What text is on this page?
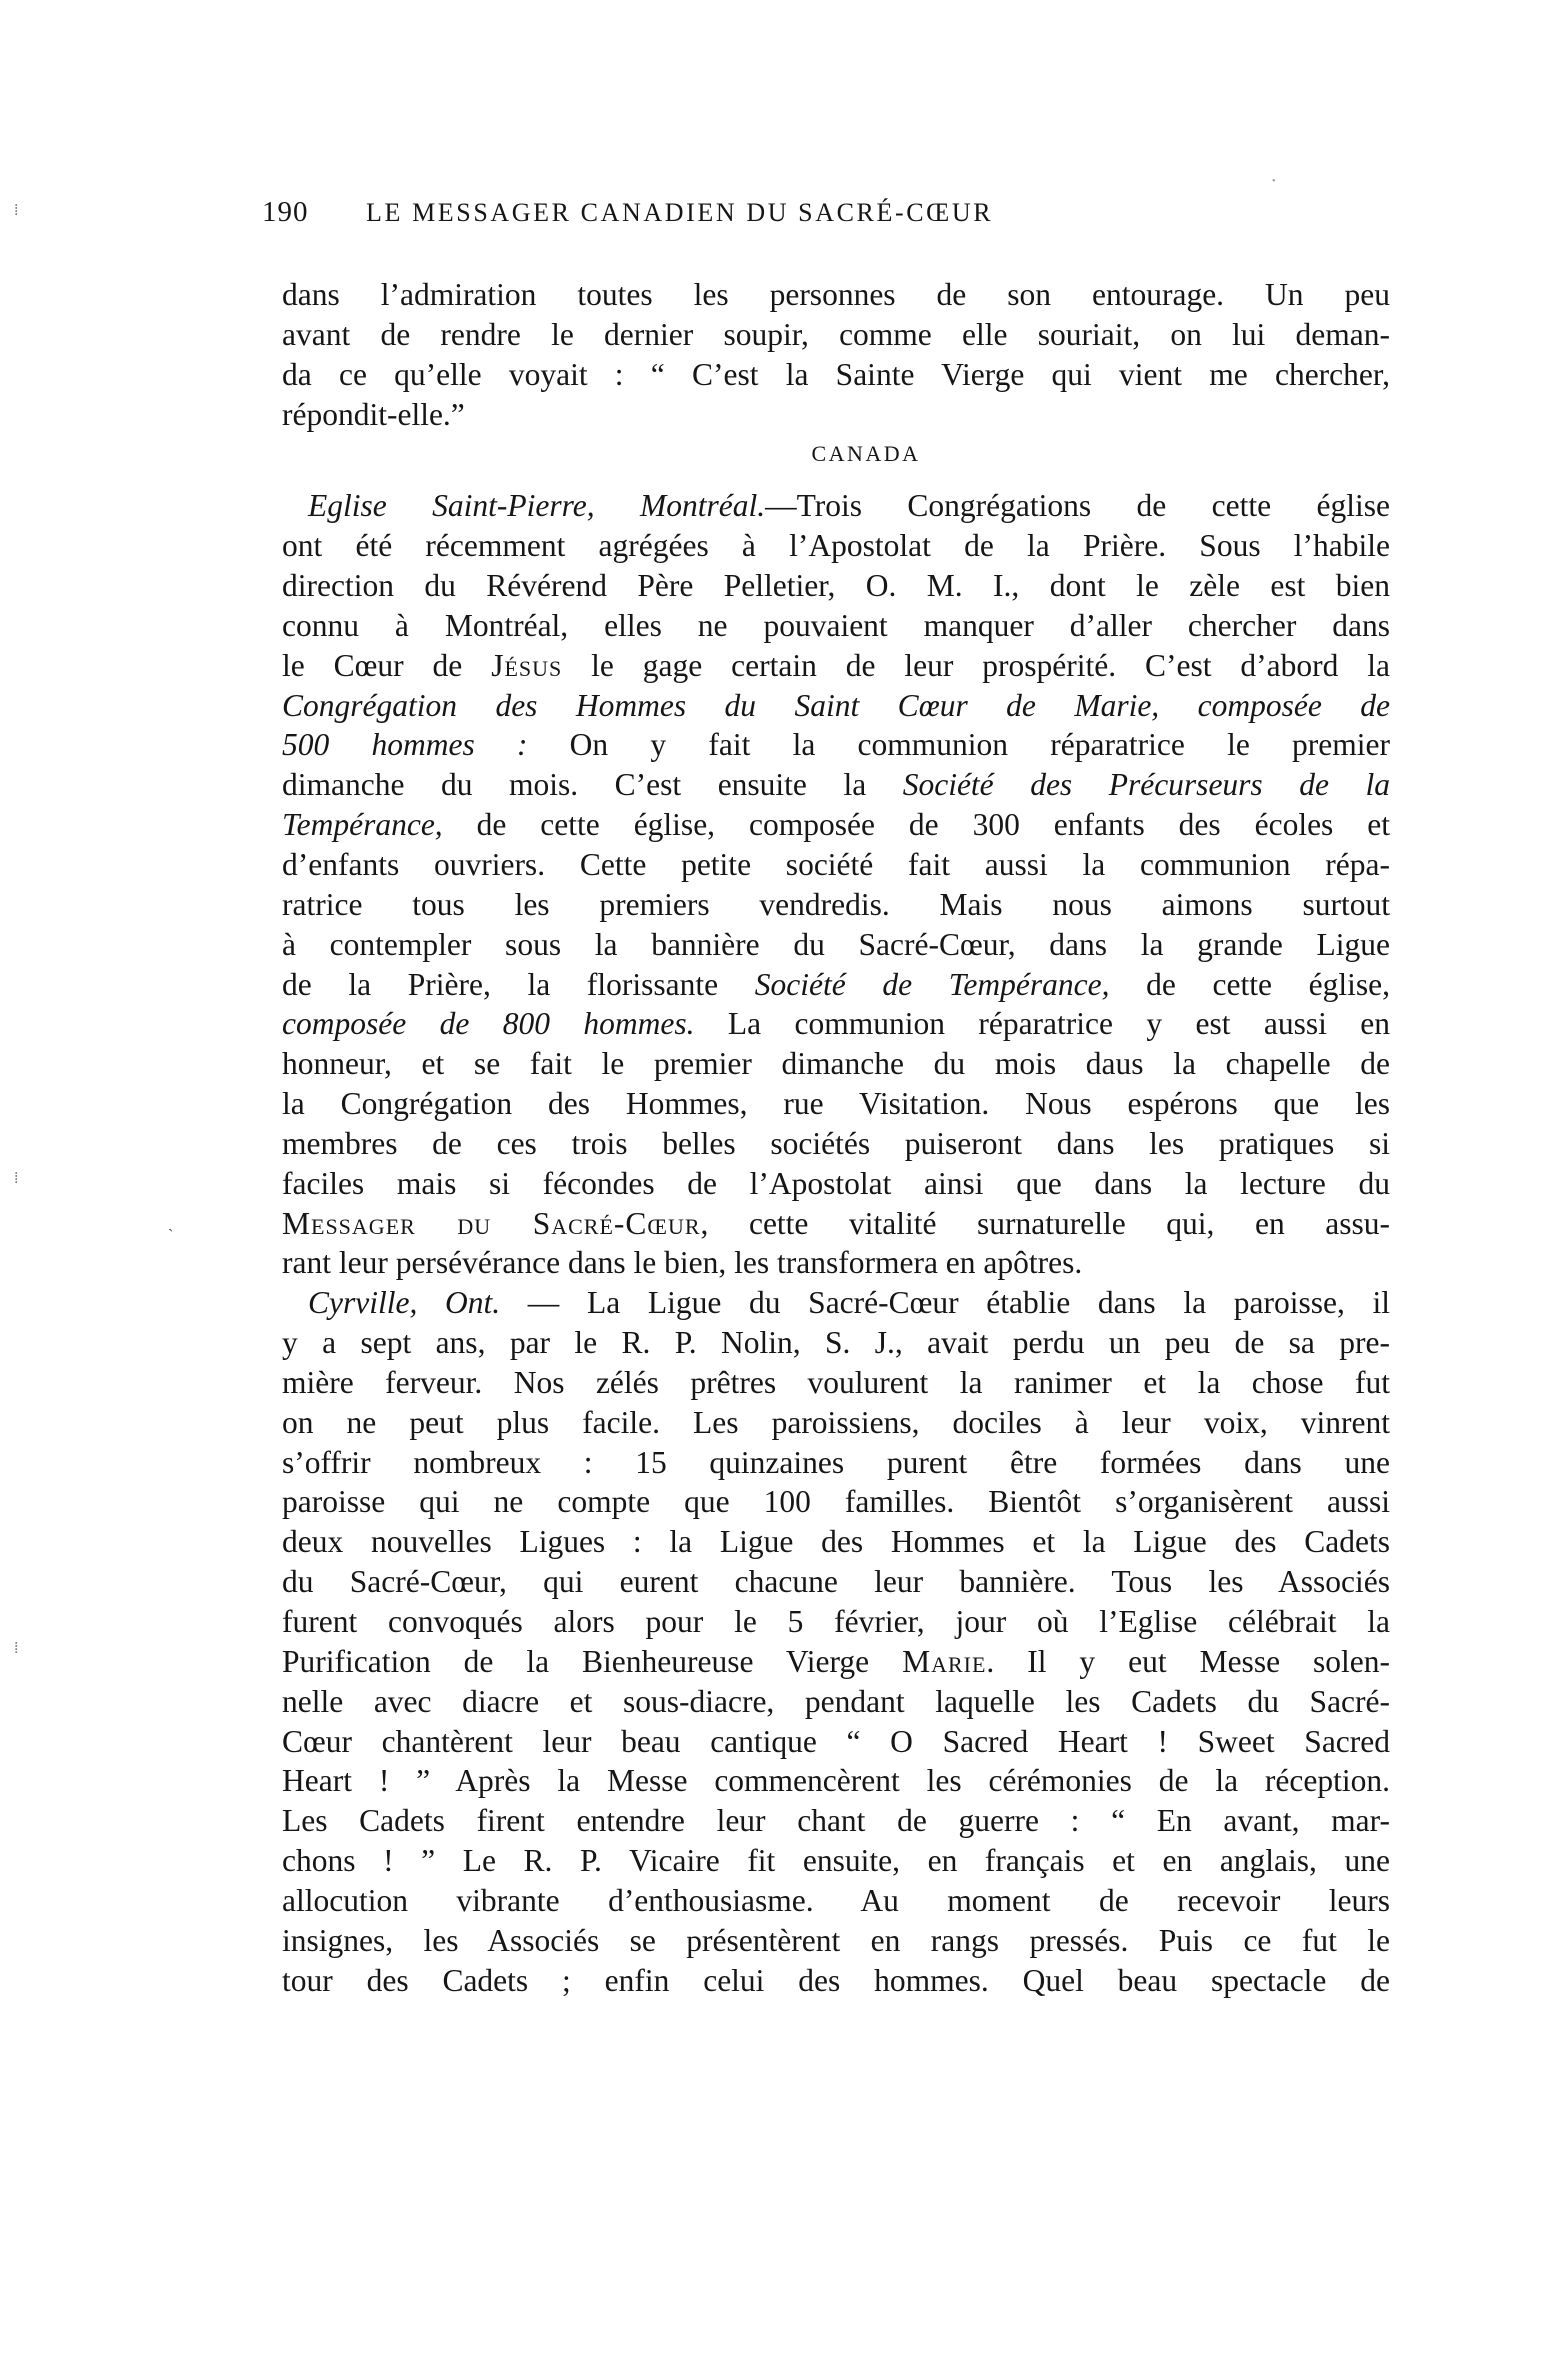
190 LE MESSAGER CANADIEN DU SACRÉ-CŒUR
dans l’admiration toutes les personnes de son entourage. Un peu
avant de rendre le dernier soupir, comme elle souriait, on lui deman-
da ce qu’elle voyait : “ C’est la Sainte Vierge qui vient me chercher,
répondit-elle.”
CANADA
Eglise Saint-Pierre, Montréal.—Trois Congrégations de cette église
ont été récemment agrégées à l’Apostolat de la Prière. Sous l’habile
direction du Révérend Père Pelletier, O. M. I., dont le zèle est bien
connu à Montréal, elles ne pouvaient manquer d’aller chercher dans
le Cœur de Jésus le gage certain de leur prospérité. C’est d’abord la
Congrégation des Hommes du Saint Cœur de Marie, composée de
500 hommes : On y fait la communion réparatrice le premier
dimanche du mois. C’est ensuite la Société des Précurseurs de la
Tempérance, de cette église, composée de 300 enfants des écoles et
d’enfants ouvriers. Cette petite société fait aussi la communion répa-
ratrice tous les premiers vendredis. Mais nous aimons surtout
à contempler sous la bannière du Sacré-Cœur, dans la grande Ligue
de la Prière, la florissante Société de Tempérance, de cette église,
composée de 800 hommes. La communion réparatrice y est aussi en
honneur, et se fait le premier dimanche du mois daus la chapelle de
la Congrégation des Hommes, rue Visitation. Nous espérons que les
membres de ces trois belles sociétés puiseront dans les pratiques si
faciles mais si fécondes de l’Apostolat ainsi que dans la lecture du
Messager du Sacré-Cœur, cette vitalité surnaturelle qui, en assu-
rant leur persévérance dans le bien, les transformera en apôtres.
Cyrville, Ont. — La Ligue du Sacré-Cœur établie dans la paroisse, il
y a sept ans, par le R. P. Nolin, S. J., avait perdu un peu de sa pre-
mière ferveur. Nos zélés prêtres voulurent la ranimer et la chose fut
on ne peut plus facile. Les paroissiens, dociles à leur voix, vinrent
s’offrir nombreux : 15 quinzaines purent être formées dans une
paroisse qui ne compte que 100 familles. Bientôt s’organisèrent aussi
deux nouvelles Ligues : la Ligue des Hommes et la Ligue des Cadets
du Sacré-Cœur, qui eurent chacune leur bannière. Tous les Associés
furent convoqués alors pour le 5 février, jour où l’Eglise célébrait la
Purification de la Bienheureuse Vierge Marie. Il y eut Messe solen-
nelle avec diacre et sous-diacre, pendant laquelle les Cadets du Sacré-
Cœur chantèrent leur beau cantique “ O Sacred Heart ! Sweet Sacred
Heart ! ” Après la Messe commencèrent les cérémonies de la réception.
Les Cadets firent entendre leur chant de guerre : “ En avant, mar-
chons ! ” Le R. P. Vicaire fit ensuite, en français et en anglais, une
allocution vibrante d’enthousiasme. Au moment de recevoir leurs
insignes, les Associés se présentèrent en rangs pressés. Puis ce fut le
tour des Cadets ; enfin celui des hommes. Quel beau spectacle de
⁞
⁞
⁞
ˎ
•
